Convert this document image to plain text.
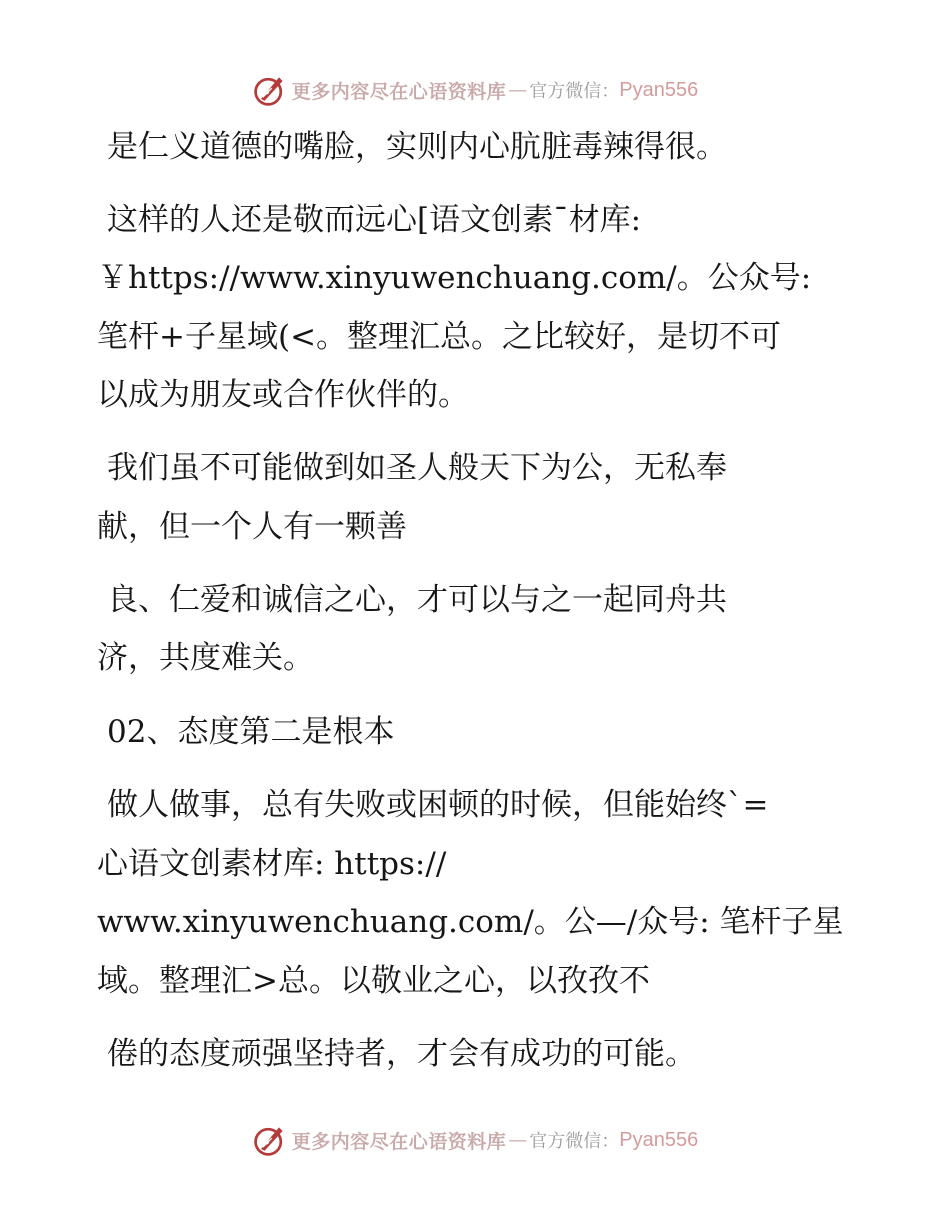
更多内容尽在心语资料库 — 官方微信： Pyan556
是仁义道德的嘴脸，实则内心肮脏毒辣得很。
这样的人还是敬而远心[语文创素¯材库:
￥https://www.xinyuwenchuang.com/。公众号:
笔杆+子星域(<。整理汇总。之比较好，是切不可
以成为朋友或合作伙伴的。
我们虽不可能做到如圣人般天下为公，无私奉
献，但一个人有一颗善
良、仁爱和诚信之心，才可以与之一起同舟共
济，共度难关。
02、态度第二是根本
做人做事，总有失败或困顿的时候，但能始终`=
心语文创素材库: https://
www.xinyuwenchuang.com/。公—/众号: 笔杆子星
域。整理汇>总。以敬业之心，以孜孜不
倦的态度顽强坚持者，才会有成功的可能。
更多内容尽在心语资料库 — 官方微信： Pyan556
